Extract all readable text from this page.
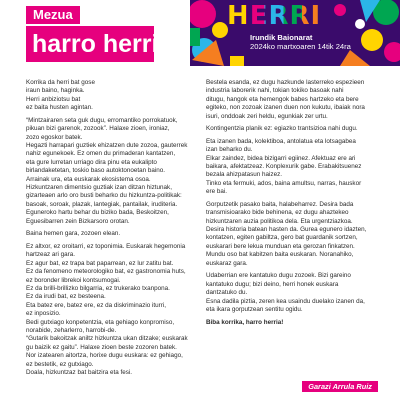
Mezua
harro herri
HERRI
Irundik Baionarat
2024ko martxoaren 14tik 24ra

Korrika da herri bat gose
iraun baino, haginka.
Herri anbiziotsu bat
ez baita husten agintan.

“Mintzairaren seta guk dugu, erromantiko porrokatuok,
pikuan bizi garenok, zozook”. Halaxe zioen, ironiaz,
zozo egoskor batek.
Hegazti harrapari guztiek ehizatzen dute zozoa, gauterrek
nahiz egunekoek. Ez omen du primaderan kantatzen,
eta gure lurretan urriago dira pinu eta eukalipto
birlandaketetan, toskio baso autoktonoetan baino.
Arrainak ura, eta euskarak ekosistema osoa.
Hizkuntzaren dimentsio guztiak izan ditzan hiztunak,
gizarteaen arlo oro busti beharko du hizkuntza-politikak:
basoak, soroak, plazak, lantegiak, pantailak, iruditeria.
Eguneroko hartu behar du biziko bada, Beskoitzen,
Eguesibarren zein Bizkarsoro orotan.

Baina hemen gara, zozoen elean.

Ez altxor, ez oroitarri, ez toponimia. Euskarak hegemonia
hartzeaz ari gara.
Ez agur bat, ez trapa bat paparrean, ez lur zatitu bat.
Ez da fenomeno meteorologiko bat, ez gastronomia huts,
ez boronder librekoi kontsumogai.
Ez da brilli-brillizko bilgarria, ez trukerako txanpona.
Ez da irudi bat, ez besteena.
Eta batez ere, batez ere, ez da diskriminazio iturri,
ez inposizio.
Bedi gutxiago konpetentzia, eta gehiago konpromiso,
norabide, zeharlerro, harrobi-de.
“Gutarik bakoitzak aniltz hizkuntza ukan ditzake; euskarak
gu baizik ez gaitu”. Halaxe zioen beste zozoren batek.
Nor izatearen aitortza, horixe dugu euskara: ez gehiago,
ez bestetik, ez gutxiago.
Doala, hizkuntzaz bat baitzira eta fesi.

Bestela esanda, ez dugu hazkunde lasterreko espezieen
industria laborerik nahi, tokian tokiko basoak nahi
ditugu, hangok eta hemengok babes hartzeko eta bere
egiteko, non zozoak izanen duen non kukutu, ibaiak nora
isuri, onddoak zeri heldu, egunkiak zer urtu.

Kontingentzia planik ez: egiazko trantsizioa nahi dugu.

Eta izanen bada, kolektiboa, antolatua eta lotsagabea
izan beharko du.
Elkar zaindez, bidea bizigarri egiinez. Afektuaz ere ari
baikara, afektatzeaz. Konplexurik gabe. Erabakitsuenez
bezala ahizpatasun haizez.
Tinko eta fermuki, ados, baina amultsu, narras, hauskor
ere bai.

Gorputzetik pasako baita, halabeharrez. Desira bada
transmisioarako bide behinena, ez dugu ahaztekeo
hizkuntzaren auzia politikoa dela. Eta urgentziazkoa.
Desira historia batean hasten da. Gurea egunero idazten,
kontatzen, egiten gabiltza, gero bat guardanik sortzen,
euskarari bere lekua munduan eta gerozan finkatzen.
Mundu oso bat kabitzen baita euskaran. Noranahiko,
euskaraz gara.

Udaberrian ere kantatuko dugu zozoek. Bizi gareino
kantatuko dugu; bizi deino, herri honek euskara
dantzatuko du.
Esna dadila piztia, zeren kea usaindu duelako izanen da,
eta ikara gorputzean sentitu ogidu.

Biba korrika, harro herria!

Garazi Arrula Ruiz
